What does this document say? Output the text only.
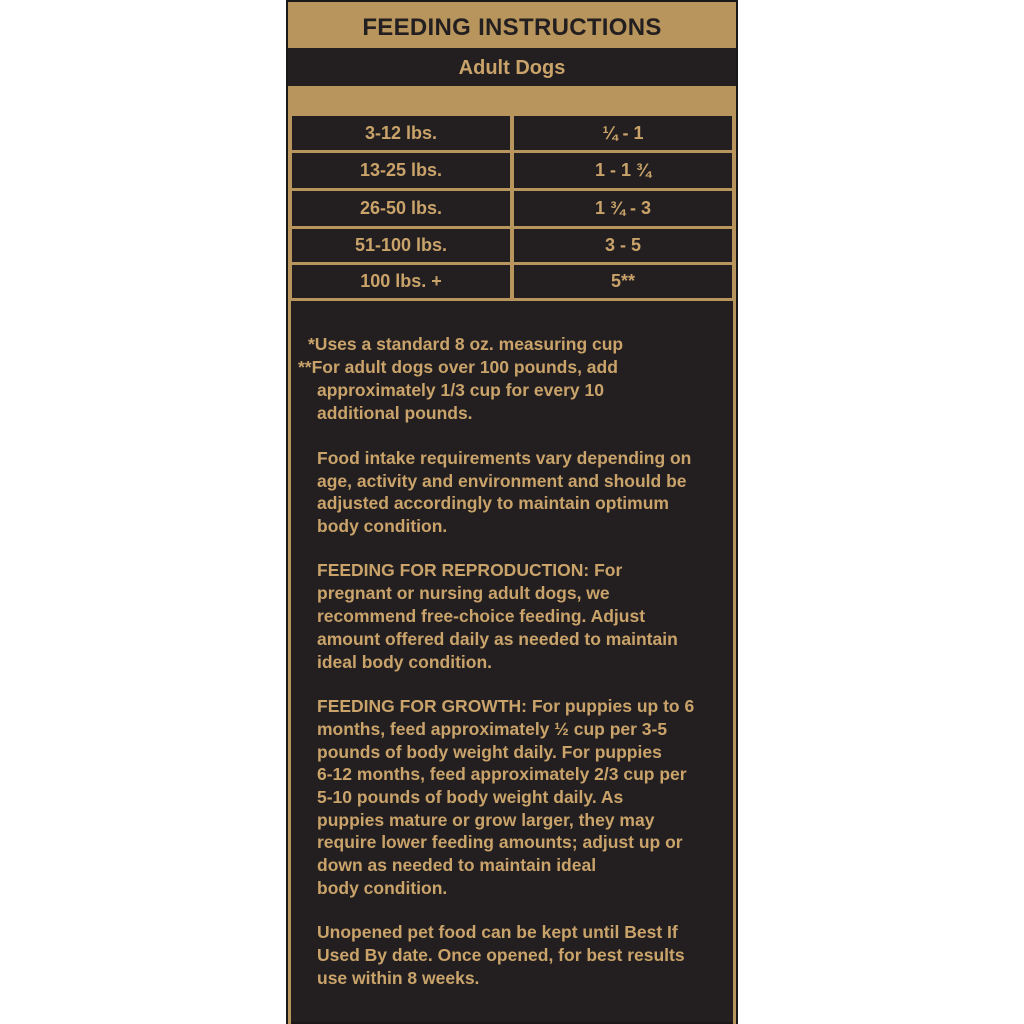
FEEDING INSTRUCTIONS
Adult Dogs
3-12 lbs.	¼ - 1
13-25 lbs.	1 - 1 ¾
26-50 lbs.	1 ¾ - 3
51-100 lbs.	3 - 5
100 lbs. +	5**
*Uses a standard 8 oz. measuring cup
**For adult dogs over 100 pounds, add
approximately 1/3 cup for every 10
additional pounds.
Food intake requirements vary depending on
age, activity and environment and should be
adjusted accordingly to maintain optimum
body condition.
FEEDING FOR REPRODUCTION: For
pregnant or nursing adult dogs, we
recommend free-choice feeding. Adjust
amount offered daily as needed to maintain
ideal body condition.
FEEDING FOR GROWTH: For puppies up to 6
months, feed approximately ½ cup per 3-5
pounds of body weight daily. For puppies
6-12 months, feed approximately 2/3 cup per
5-10 pounds of body weight daily. As
puppies mature or grow larger, they may
require lower feeding amounts; adjust up or
down as needed to maintain ideal
body condition.
Unopened pet food can be kept until Best If
Used By date. Once opened, for best results
use within 8 weeks.
